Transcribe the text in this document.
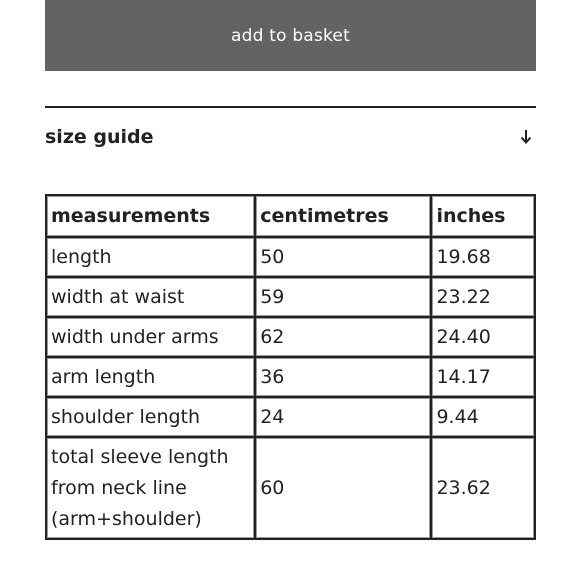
add to basket
size guide
measurements	centimetres	inches
length	50	19.68
width at waist	59	23.22
width under arms	62	24.40
arm length	36	14.17
shoulder length	24	9.44
total sleeve length from neck line (arm+shoulder)	60	23.62
